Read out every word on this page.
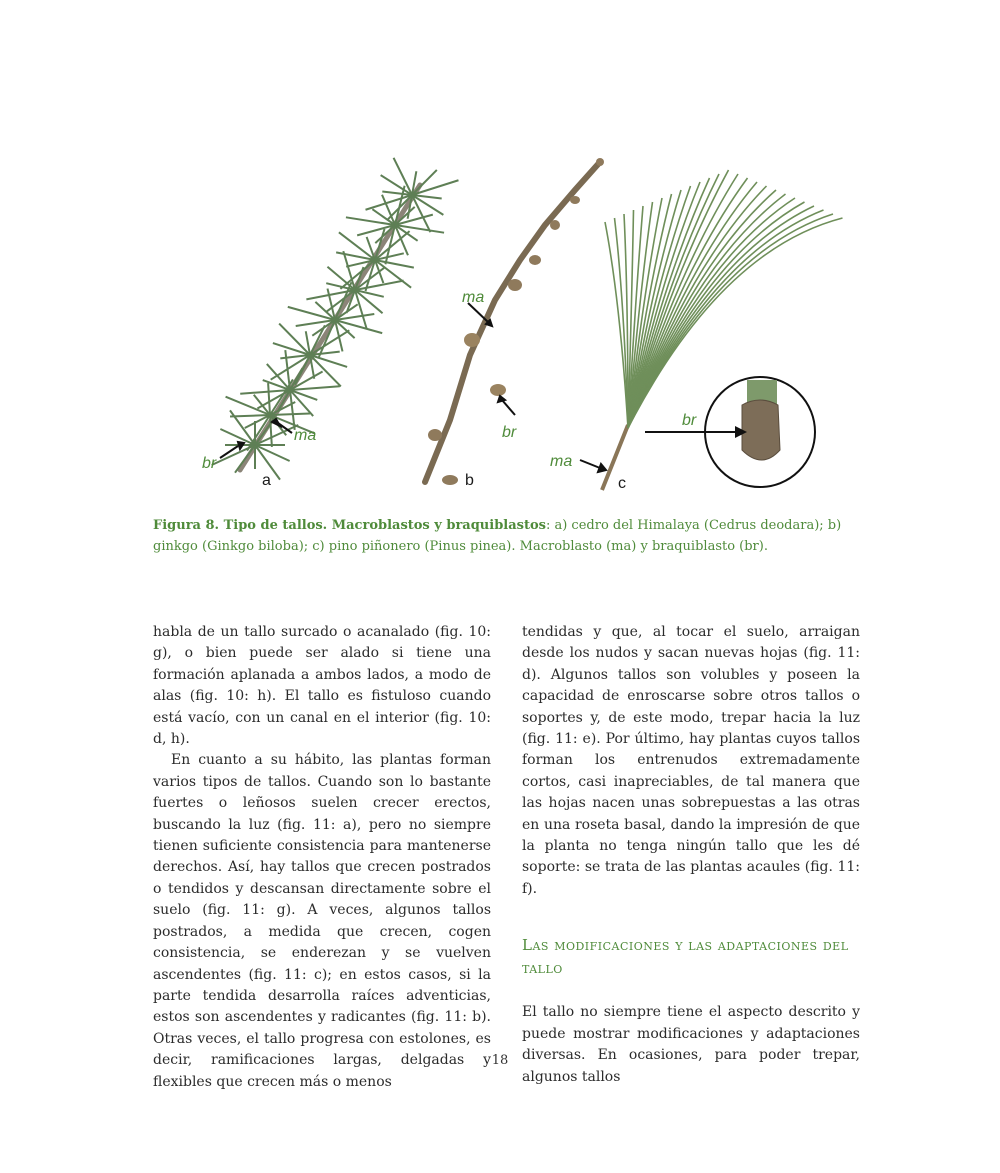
br
ma
a
ma
br
b
ma
br
c
Figura 8. Tipo de tallos. Macroblastos y braquiblastos: a) cedro del Himalaya (Cedrus deodara); b) ginkgo (Ginkgo biloba); c) pino piñonero (Pinus pinea). Macroblasto (ma) y braquiblasto (br).

habla de un tallo surcado o acanalado (fig. 10: g), o bien puede ser alado si tiene una formación aplanada a ambos lados, a modo de alas (fig. 10: h). El tallo es fistuloso cuando está vacío, con un canal en el interior (fig. 10: d, h).

En cuanto a su hábito, las plantas forman varios tipos de tallos. Cuando son lo bastante fuertes o leñosos suelen crecer erectos, buscando la luz (fig. 11: a), pero no siempre tienen suficiente consistencia para mantenerse derechos. Así, hay tallos que crecen postrados o tendidos y descansan directamente sobre el suelo (fig. 11: g). A veces, algunos tallos postrados, a medida que crecen, cogen consistencia, se enderezan y se vuelven ascendentes (fig. 11: c); en estos casos, si la parte tendida desarrolla raíces adventicias, estos son ascendentes y radicantes (fig. 11: b). Otras veces, el tallo progresa con estolones, es decir, ramificaciones largas, delgadas y flexibles que crecen más o menos

tendidas y que, al tocar el suelo, arraigan desde los nudos y sacan nuevas hojas (fig. 11: d). Algunos tallos son volubles y poseen la capacidad de enroscarse sobre otros tallos o soportes y, de este modo, trepar hacia la luz (fig. 11: e). Por último, hay plantas cuyos tallos forman los entrenudos extremadamente cortos, casi inapreciables, de tal manera que las hojas nacen unas sobrepuestas a las otras en una roseta basal, dando la impresión de que la planta no tenga ningún tallo que les dé soporte: se trata de las plantas acaules (fig. 11: f).

Las modificaciones y las adaptaciones del tallo

El tallo no siempre tiene el aspecto descrito y puede mostrar modificaciones y adaptaciones diversas. En ocasiones, para poder trepar, algunos tallos

18
